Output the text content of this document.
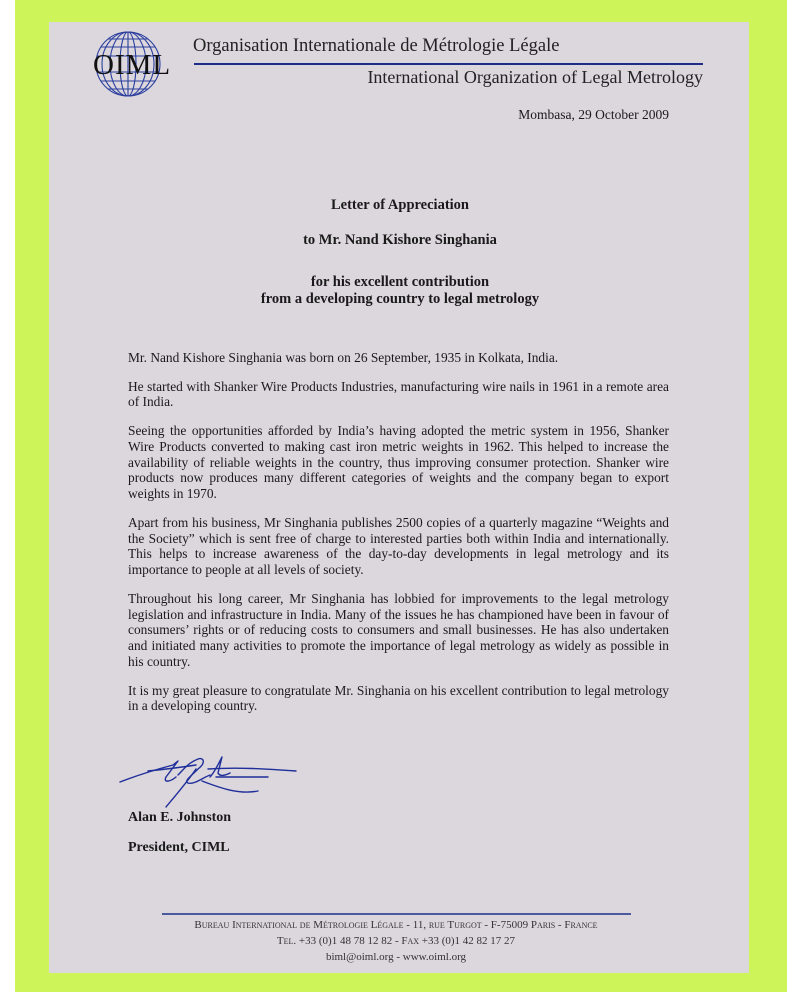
OIML
Organisation Internationale de Métrologie Légale
International Organization of Legal Metrology
Mombasa, 29 October 2009
Letter of Appreciation
to Mr. Nand Kishore Singhania
for his excellent contribution
from a developing country to legal metrology

Mr. Nand Kishore Singhania was born on 26 September, 1935 in Kolkata, India.

He started with Shanker Wire Products Industries, manufacturing wire nails in 1961 in a remote area of India.

Seeing the opportunities afforded by India’s having adopted the metric system in 1956, Shanker Wire Products converted to making cast iron metric weights in 1962. This helped to increase the availability of reliable weights in the country, thus improving consumer protection. Shanker wire products now produces many different categories of weights and the company began to export weights in 1970.

Apart from his business, Mr Singhania publishes 2500 copies of a quarterly magazine “Weights and the Society” which is sent free of charge to interested parties both within India and internationally. This helps to increase awareness of the day-to-day developments in legal metrology and its importance to people at all levels of society.

Throughout his long career, Mr Singhania has lobbied for improvements to the legal metrology legislation and infrastructure in India. Many of the issues he has championed have been in favour of consumers’ rights or of reducing costs to consumers and small businesses. He has also undertaken and initiated many activities to promote the importance of legal metrology as widely as possible in his country.

It is my great pleasure to congratulate Mr. Singhania on his excellent contribution to legal metrology in a developing country.

Alan E. Johnston
President, CIML
Bureau International de Métrologie Légale - 11, rue Turgot - F-75009 Paris - France
Tel. +33 (0)1 48 78 12 82 - Fax +33 (0)1 42 82 17 27
biml@oiml.org - www.oiml.org
